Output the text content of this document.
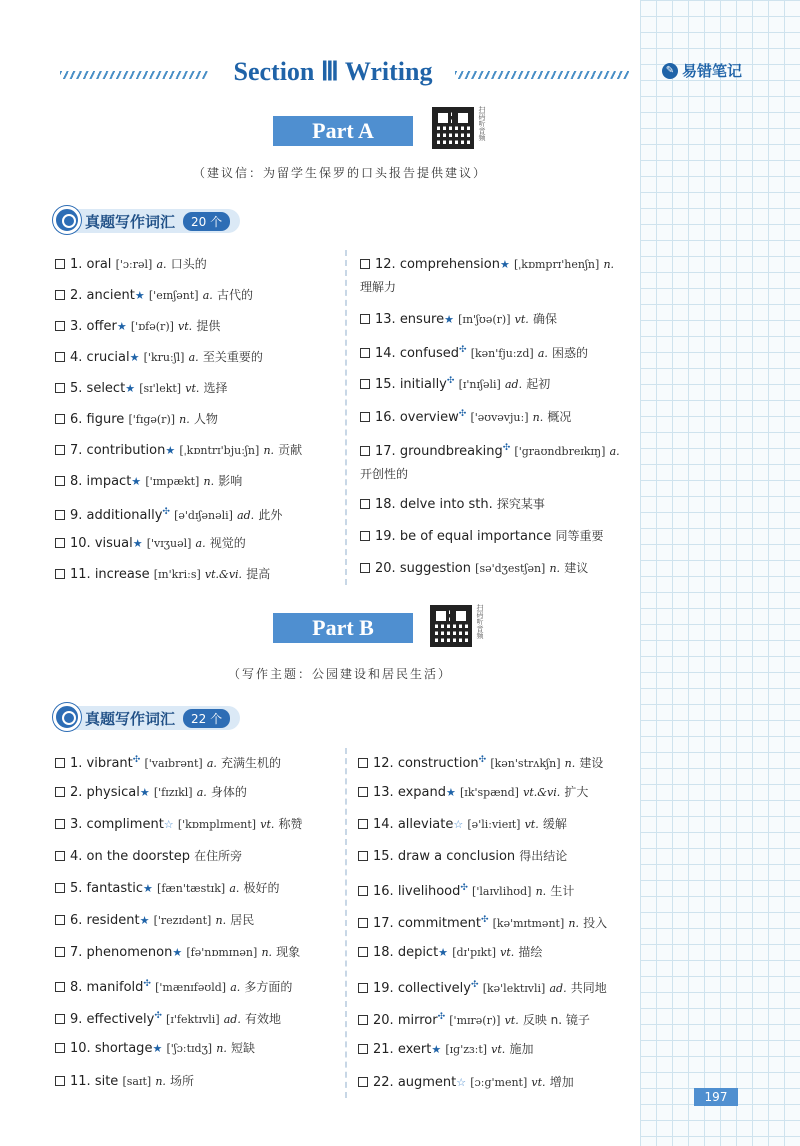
Section Ⅲ Writing	✎ 易错笔记
Part A	扫码听音频
（建议信：为留学生保罗的口头报告提供建议）
真题写作词汇	20 个
1. oral ['ɔːrəl] a. 口头的
2. ancient★ ['eɪnʃənt] a. 古代的
3. offer★ ['ɒfə(r)] vt. 提供
4. crucial★ ['kruːʃl] a. 至关重要的
5. select★ [sɪ'lekt] vt. 选择
6. figure ['fɪgə(r)] n. 人物
7. contribution★ [ˌkɒntrɪ'bjuːʃn] n. 贡献
8. impact★ ['ɪmpækt] n. 影响
9. additionally✣ [ə'dɪʃənəli] ad. 此外
10. visual★ ['vɪʒuəl] a. 视觉的
11. increase [ɪn'kriːs] vt.&vi. 提高
12. comprehension★ [ˌkɒmprɪ'henʃn] n. 理解力
13. ensure★ [ɪn'ʃʊə(r)] vt. 确保
14. confused✣ [kən'fjuːzd] a. 困惑的
15. initially✣ [ɪ'nɪʃəli] ad. 起初
16. overview✣ ['əʊvəvjuː] n. 概况
17. groundbreaking✣ ['graʊndbreɪkɪŋ] a. 开创性的
18. delve into sth. 探究某事
19. be of equal importance 同等重要
20. suggestion [sə'dʒestʃən] n. 建议
Part B	扫码听音频
（写作主题：公园建设和居民生活）
真题写作词汇	22 个
1. vibrant✣ ['vaɪbrənt] a. 充满生机的
2. physical★ ['fɪzɪkl] a. 身体的
3. compliment☆ ['kɒmplɪment] vt. 称赞
4. on the doorstep 在住所旁
5. fantastic★ [fæn'tæstɪk] a. 极好的
6. resident★ ['rezɪdənt] n. 居民
7. phenomenon★ [fə'nɒmɪnən] n. 现象
8. manifold✣ ['mænɪfəʊld] a. 多方面的
9. effectively✣ [ɪ'fektɪvli] ad. 有效地
10. shortage★ ['ʃɔːtɪdʒ] n. 短缺
11. site [saɪt] n. 场所
12. construction✣ [kən'strʌkʃn] n. 建设
13. expand★ [ɪk'spænd] vt.&vi. 扩大
14. alleviate☆ [ə'liːvieɪt] vt. 缓解
15. draw a conclusion 得出结论
16. livelihood✣ ['laɪvlihʊd] n. 生计
17. commitment✣ [kə'mɪtmənt] n. 投入
18. depict★ [dɪ'pɪkt] vt. 描绘
19. collectively✣ [kə'lektɪvli] ad. 共同地
20. mirror✣ ['mɪrə(r)] vt. 反映 n. 镜子
21. exert★ [ɪg'zɜːt] vt. 施加
22. augment☆ [ɔːg'ment] vt. 增加
197
